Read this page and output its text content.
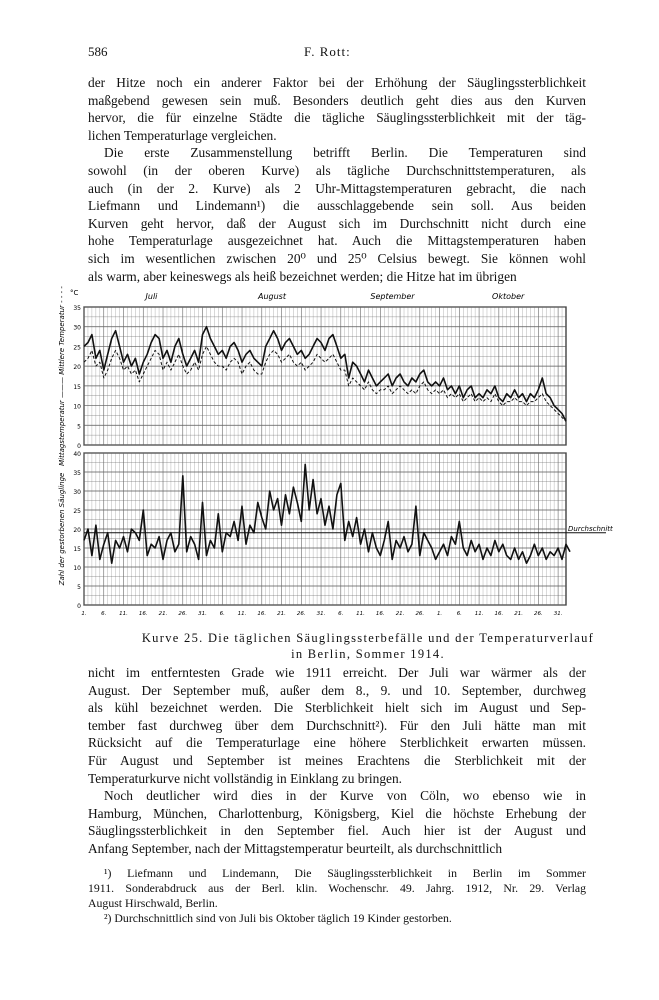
586	F. Rott:
der Hitze noch ein anderer Faktor bei der Erhöhung der Säuglingssterblichkeit
maßgebend gewesen sein muß. Besonders deutlich geht dies aus den Kurven
hervor, die für einzelne Städte die tägliche Säuglingssterblichkeit mit der täg-
lichen Temperaturlage vergleichen.
Die erste Zusammenstellung betrifft Berlin. Die Temperaturen sind
sowohl (in der oberen Kurve) als tägliche Durchschnittstemperaturen, als
auch (in der 2. Kurve) als 2 Uhr-Mittagstemperaturen gebracht, die nach
Liefmann und Lindemann¹) die ausschlaggebende sein soll. Aus beiden
Kurven geht hervor, daß der August sich im Durchschnitt nicht durch eine
hohe Temperaturlage ausgezeichnet hat. Auch die Mittagstemperaturen haben
sich im wesentlichen zwischen 20⁰ und 25⁰ Celsius bewegt. Sie können wohl
als warm, aber keineswegs als heiß bezeichnet werden; die Hitze hat im übrigen
35
30
25
20
15
10
5
0
40
35
30
25
20
15
10
5
0
Juli	August	September	Oktober
°C
Mittagstemperatur ——— Mittlere Temperatur - - - -
Zahl der gestorbenen Säuglinge
1.	6. 11. 16. 21. 26. 31. 6. 11. 16. 21. 26. 31. 6. 11. 16. 21. 26. 1.	6. 11. 16. 21. 26. 31.
Durchschnitt
Kurve 25. Die täglichen Säuglingssterbefälle und der Temperaturverlauf
in Berlin, Sommer 1914.
nicht im entferntesten Grade wie 1911 erreicht. Der Juli war wärmer als der
August. Der September muß, außer dem 8., 9. und 10. September, durchweg
als kühl bezeichnet werden. Die Sterblichkeit hielt sich im August und Sep-
tember fast durchweg über dem Durchschnitt²). Für den Juli hätte man mit
Rücksicht auf die Temperaturlage eine höhere Sterblichkeit erwarten müssen.
Für August und September ist meines Erachtens die Sterblichkeit mit der
Temperaturkurve nicht vollständig in Einklang zu bringen.
Noch deutlicher wird dies in der Kurve von Cöln, wo ebenso wie in
Hamburg, München, Charlottenburg, Königsberg, Kiel die höchste Erhebung der
Säuglingssterblichkeit in den September fiel. Auch hier ist der August und
Anfang September, nach der Mittagstemperatur beurteilt, als durchschnittlich
¹) Liefmann und Lindemann, Die Säuglingssterblichkeit in Berlin im Sommer
1911. Sonderabdruck aus der Berl. klin. Wochenschr. 49. Jahrg. 1912, Nr. 29. Verlag
August Hirschwald, Berlin.
²) Durchschnittlich sind von Juli bis Oktober täglich 19 Kinder gestorben.
